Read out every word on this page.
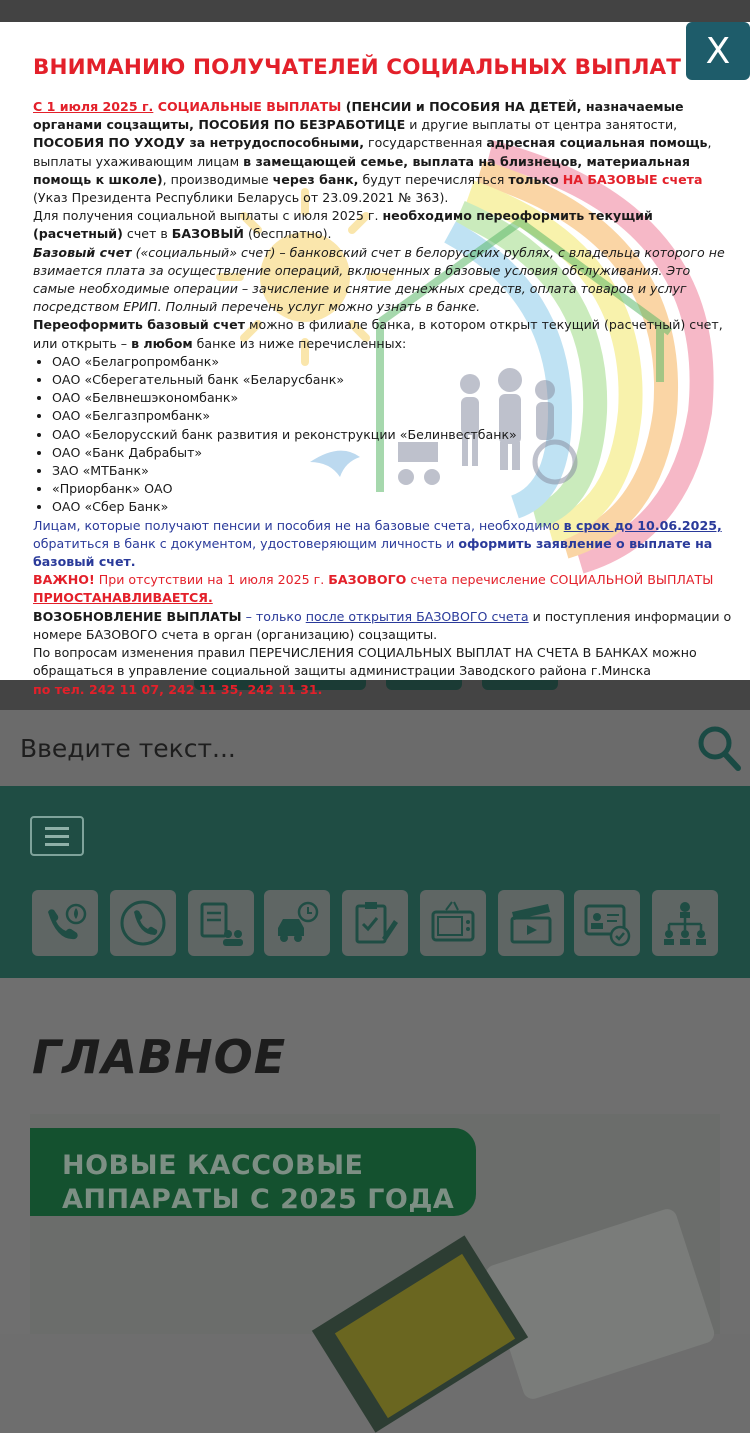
Введите текст...
ГЛАВНОЕ
НОВЫЕ КАССОВЫЕ
АППАРАТЫ С 2025 ГОДА
ВНИМАНИЮ ПОЛУЧАТЕЛЕЙ СОЦИАЛЬНЫХ ВЫПЛАТ

С 1 июля 2025 г. СОЦИАЛЬНЫЕ ВЫПЛАТЫ (ПЕНСИИ и ПОСОБИЯ НА ДЕТЕЙ, назначаемые органами соцзащиты, ПОСОБИЯ ПО БЕЗРАБОТИЦЕ и другие выплаты от центра занятости, ПОСОБИЯ ПО УХОДУ за нетрудоспособными, государственная адресная социальная помощь, выплаты ухаживающим лицам в замещающей семье, выплата на близнецов, материальная помощь к школе), производимые через банк, будут перечисляться только НА БАЗОВЫЕ счета (Указ Президента Республики Беларусь от 23.09.2021 № 363).

Для получения социальной выплаты с июля 2025 г. необходимо переоформить текущий (расчетный) счет в БАЗОВЫЙ (бесплатно).

Базовый счет («социальный» счет) – банковский счет в белорусских рублях, с владельца которого не взимается плата за осуществление операций, включенных в базовые условия обслуживания. Это самые необходимые операции – зачисление и снятие денежных средств, оплата товаров и услуг посредством ЕРИП. Полный перечень услуг можно узнать в банке.

Переоформить базовый счет можно в филиале банка, в котором открыт текущий (расчетный) счет, или открыть – в любом банке из ниже перечисленных:

• ОАО «Белагропромбанк»
• ОАО «Сберегательный банк «Беларусбанк»
• ОАО «Белвнешэкономбанк»
• ОАО «Белгазпромбанк»
• ОАО «Белорусский банк развития и реконструкции «Белинвестбанк»
• ОАО «Банк Дабрабыт»
• ЗАО «МТБанк»
• «Приорбанк» ОАО
• ОАО «Сбер Банк»

Лицам, которые получают пенсии и пособия не на базовые счета, необходимо в срок до 10.06.2025, обратиться в банк с документом, удостоверяющим личность и оформить заявление о выплате на базовый счет.

ВАЖНО! При отсутствии на 1 июля 2025 г. БАЗОВОГО счета перечисление СОЦИАЛЬНОЙ ВЫПЛАТЫ ПРИОСТАНАВЛИВАЕТСЯ.

ВОЗОБНОВЛЕНИЕ ВЫПЛАТЫ – только после открытия БАЗОВОГО счета и поступления информации о номере БАЗОВОГО счета в орган (организацию) соцзащиты.

По вопросам изменения правил ПЕРЕЧИСЛЕНИЯ СОЦИАЛЬНЫХ ВЫПЛАТ НА СЧЕТА В БАНКАХ можно обращаться в управление социальной защиты администрации Заводского района г.Минска

по тел. 242 11 07, 242 11 35, 242 11 31.

X
